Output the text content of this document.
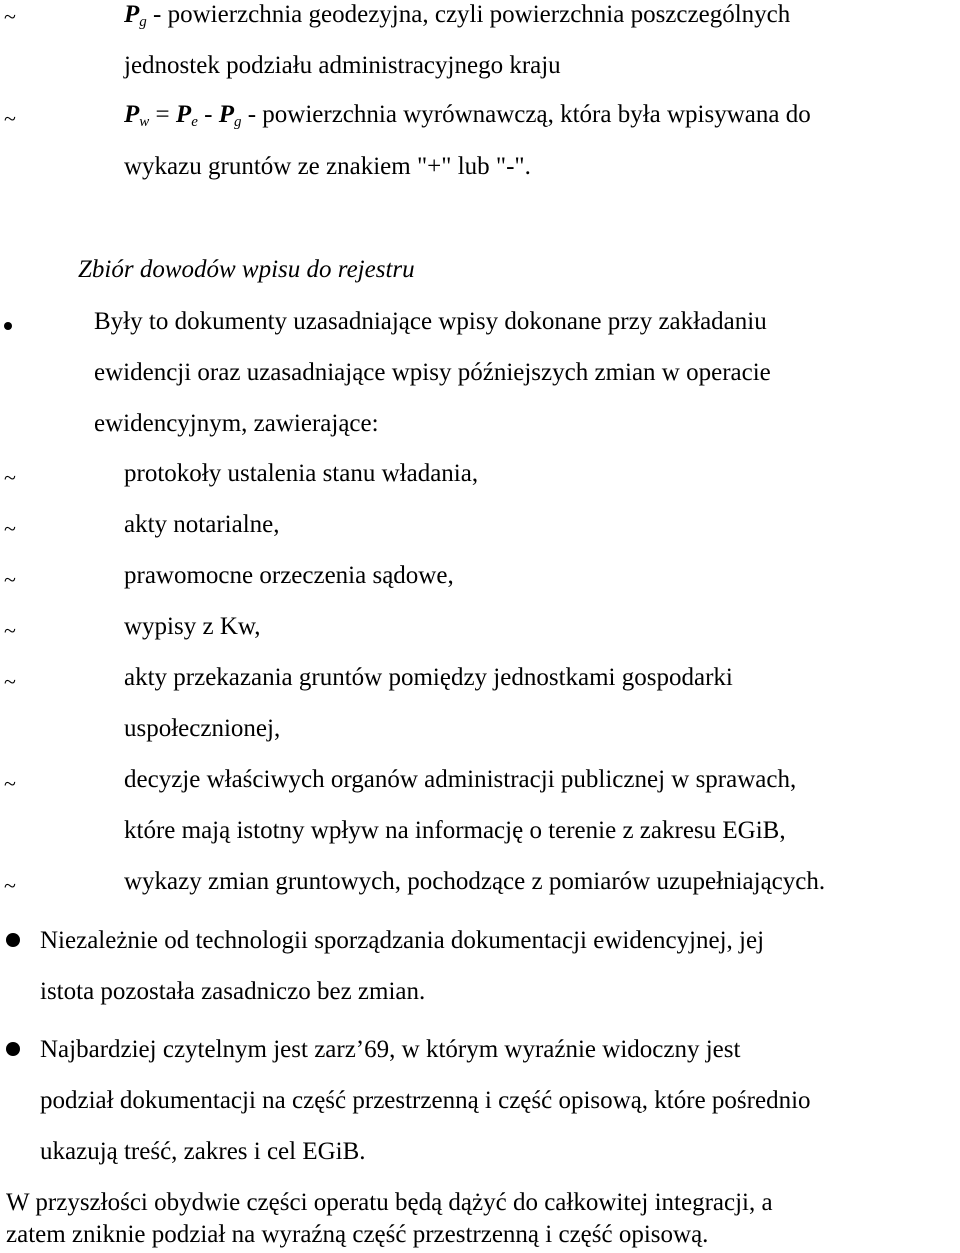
~	$P_g$ - powierzchnia geodezyjna, czyli powierzchnia poszczególnych
jednostek podziału administracyjnego kraju
~	$P_w = P_e - P_g$ - powierzchnia wyrównawczą, która była wpisywana do
wykazu gruntów ze znakiem "+" lub "-".
Zbiór dowodów wpisu do rejestru
Były to dokumenty uzasadniające wpisy dokonane przy zakładaniu
ewidencji oraz uzasadniające wpisy późniejszych zmian w operacie
ewidencyjnym, zawierające:
~	protokoły ustalenia stanu władania,
~	akty notarialne,
~	prawomocne orzeczenia sądowe,
~	wypisy z Kw,
~	akty przekazania gruntów pomiędzy jednostkami gospodarki
uspołecznionej,
~	decyzje właściwych organów administracji publicznej w sprawach,
które mają istotny wpływ na informację o terenie z zakresu EGiB,
~	wykazy zmian gruntowych, pochodzące z pomiarów uzupełniających.
Niezależnie od technologii sporządzania dokumentacji ewidencyjnej, jej
istota pozostała zasadniczo bez zmian.
Najbardziej czytelnym jest zarz’69, w którym wyraźnie widoczny jest
podział dokumentacji na część przestrzenną i część opisową, które pośrednio
ukazują treść, zakres i cel EGiB.
W przyszłości obydwie części operatu będą dążyć do całkowitej integracji, a
zatem zniknie podział na wyraźną część przestrzenną i część opisową.
